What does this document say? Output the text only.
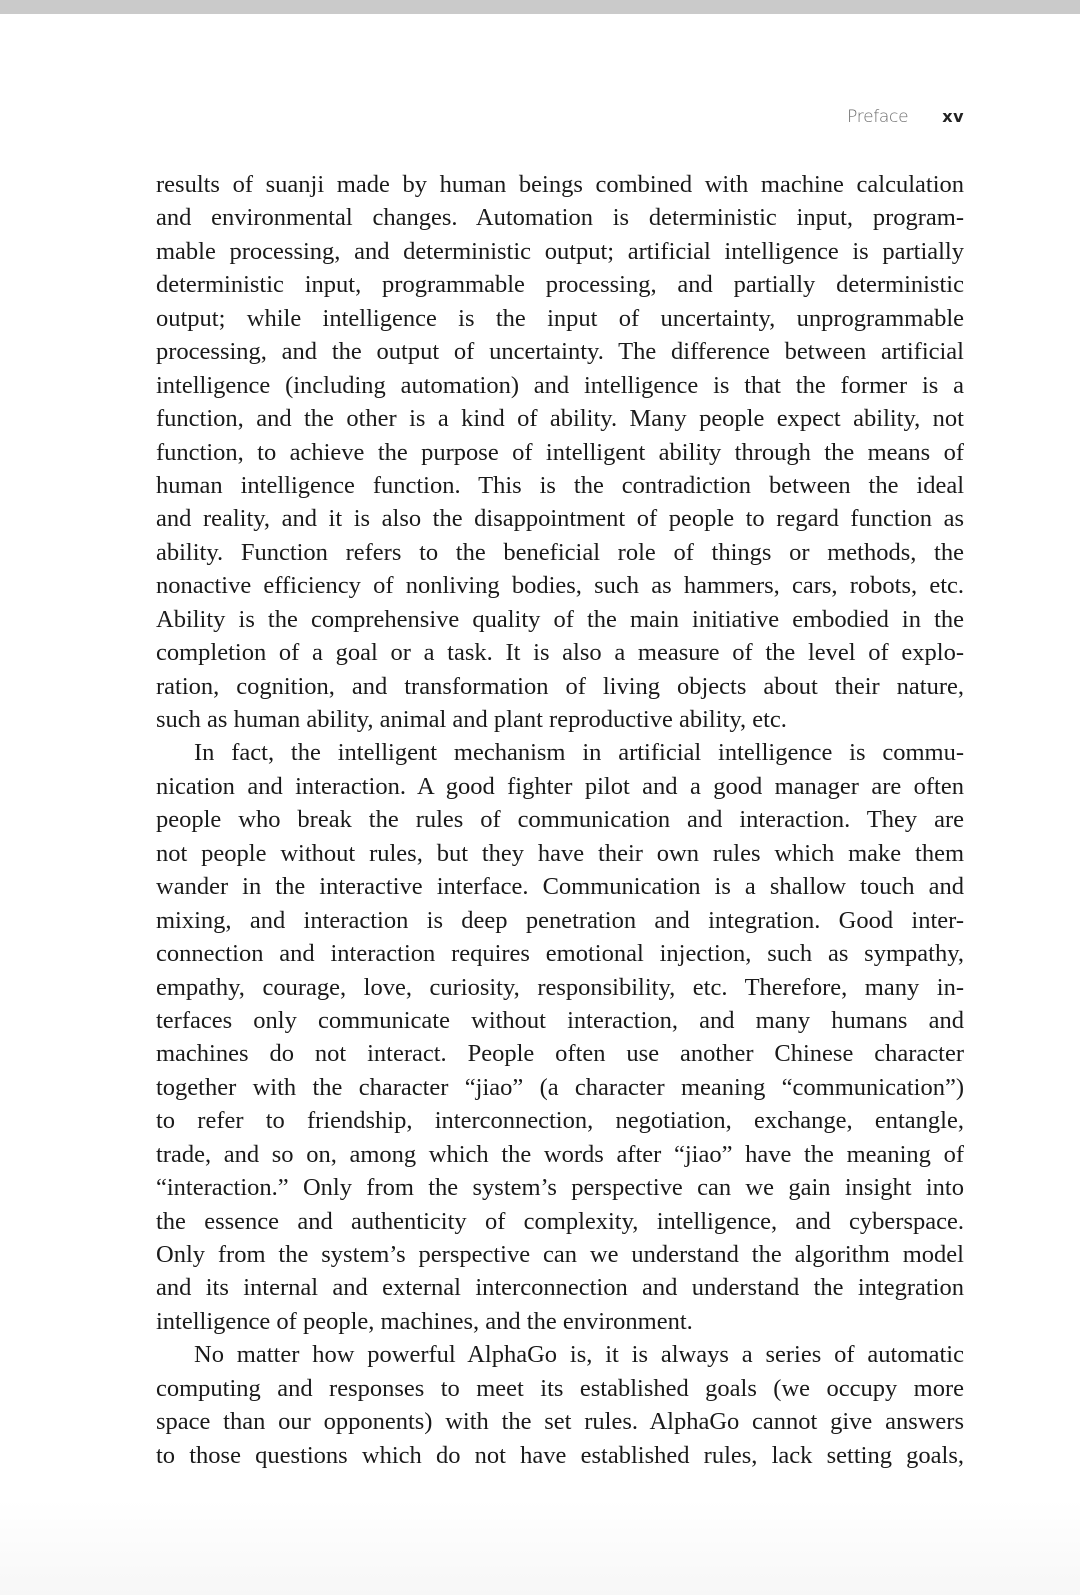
Preface xv
results of suanji made by human beings combined with machine calculation
and environmental changes. Automation is deterministic input, program-
mable processing, and deterministic output; artificial intelligence is partially
deterministic input, programmable processing, and partially deterministic
output; while intelligence is the input of uncertainty, unprogrammable
processing, and the output of uncertainty. The difference between artificial
intelligence (including automation) and intelligence is that the former is a
function, and the other is a kind of ability. Many people expect ability, not
function, to achieve the purpose of intelligent ability through the means of
human intelligence function. This is the contradiction between the ideal
and reality, and it is also the disappointment of people to regard function as
ability. Function refers to the beneficial role of things or methods, the
nonactive efficiency of nonliving bodies, such as hammers, cars, robots, etc.
Ability is the comprehensive quality of the main initiative embodied in the
completion of a goal or a task. It is also a measure of the level of explo-
ration, cognition, and transformation of living objects about their nature,
such as human ability, animal and plant reproductive ability, etc.
In fact, the intelligent mechanism in artificial intelligence is commu-
nication and interaction. A good fighter pilot and a good manager are often
people who break the rules of communication and interaction. They are
not people without rules, but they have their own rules which make them
wander in the interactive interface. Communication is a shallow touch and
mixing, and interaction is deep penetration and integration. Good inter-
connection and interaction requires emotional injection, such as sympathy,
empathy, courage, love, curiosity, responsibility, etc. Therefore, many in-
terfaces only communicate without interaction, and many humans and
machines do not interact. People often use another Chinese character
together with the character “jiao” (a character meaning “communication”)
to refer to friendship, interconnection, negotiation, exchange, entangle,
trade, and so on, among which the words after “jiao” have the meaning of
“interaction.” Only from the system’s perspective can we gain insight into
the essence and authenticity of complexity, intelligence, and cyberspace.
Only from the system’s perspective can we understand the algorithm model
and its internal and external interconnection and understand the integration
intelligence of people, machines, and the environment.
No matter how powerful AlphaGo is, it is always a series of automatic
computing and responses to meet its established goals (we occupy more
space than our opponents) with the set rules. AlphaGo cannot give answers
to those questions which do not have established rules, lack setting goals,
